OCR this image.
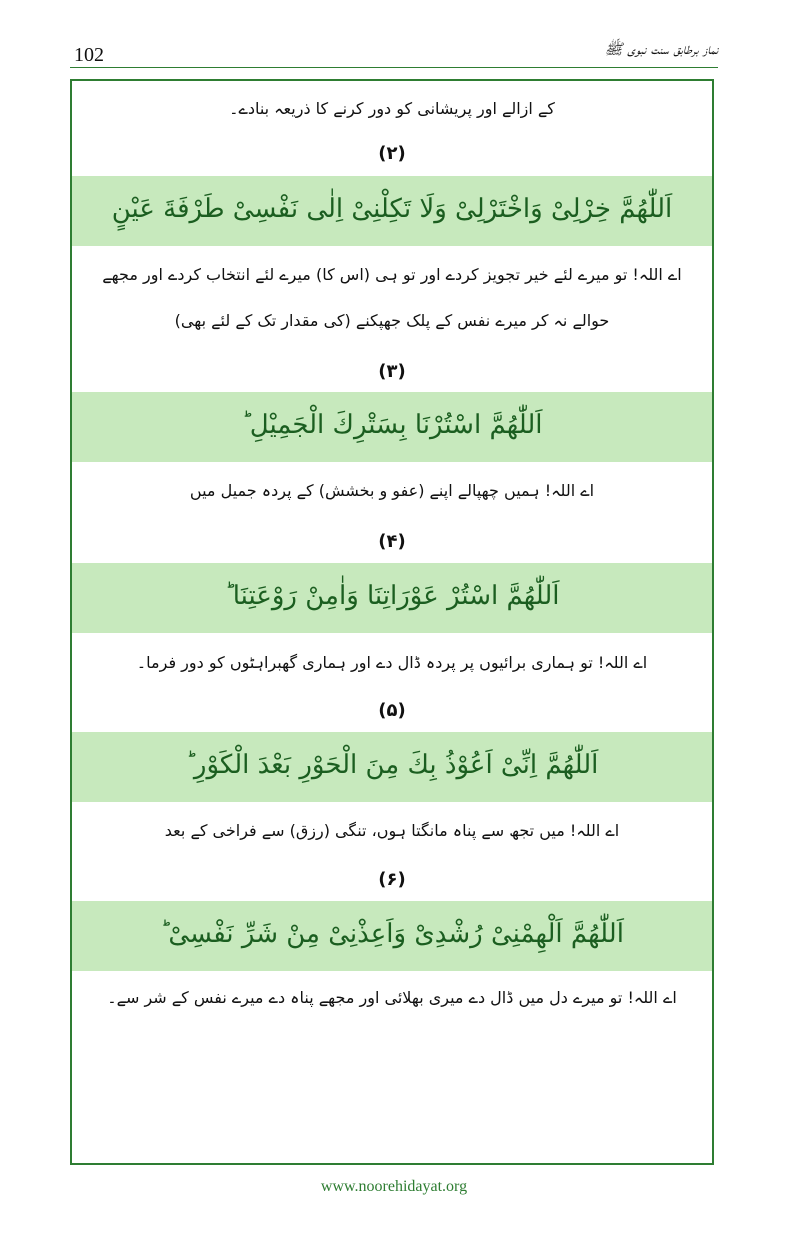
102	نماز برطابق سنت نبوی ﷺ
کے ازالے اور پریشانی کو دور کرنے کا ذریعہ بنادے۔
(۲)
اَللّٰهُمَّ خِرْلِیْ وَاخْتَرْلِیْ وَلَا تَكِلْنِیْ اِلٰى نَفْسِیْ طَرْفَةَ عَيْنٍ
اے اللہ! تو میرے لئے خیر تجویز کردے اور تو ہی (اس کا) میرے لئے انتخاب کردے اور مجھے
حوالے نہ کر میرے نفس کے پلک جھپکنے (کی مقدار تک کے لئے بھی)
(۳)
اَللّٰهُمَّ اسْتُرْنَا بِسَتْرِكَ الْجَمِيْلِ ؕ
اے اللہ! ہمیں چھپالے اپنے (عفو و بخشش) کے پردہ جمیل میں
(۴)
اَللّٰهُمَّ اسْتُرْ عَوْرَاتِنَا وَاٰمِنْ رَوْعَتِنَا ؕ
اے اللہ! تو ہماری برائیوں پر پردہ ڈال دے اور ہماری گھبراہٹوں کو دور فرما۔
(۵)
اَللّٰهُمَّ اِنِّیْ اَعُوْذُ بِكَ مِنَ الْحَوْرِ بَعْدَ الْكَوْرِ ؕ
اے اللہ! میں تجھ سے پناہ مانگتا ہوں، تنگی (رزق) سے فراخی کے بعد
(۶)
اَللّٰهُمَّ اَلْهِمْنِیْ رُشْدِیْ وَاَعِذْنِیْ مِنْ شَرِّ نَفْسِیْ ؕ
اے اللہ! تو میرے دل میں ڈال دے میری بھلائی اور مجھے پناہ دے میرے نفس کے شر سے۔
www.noorehidayat.org
